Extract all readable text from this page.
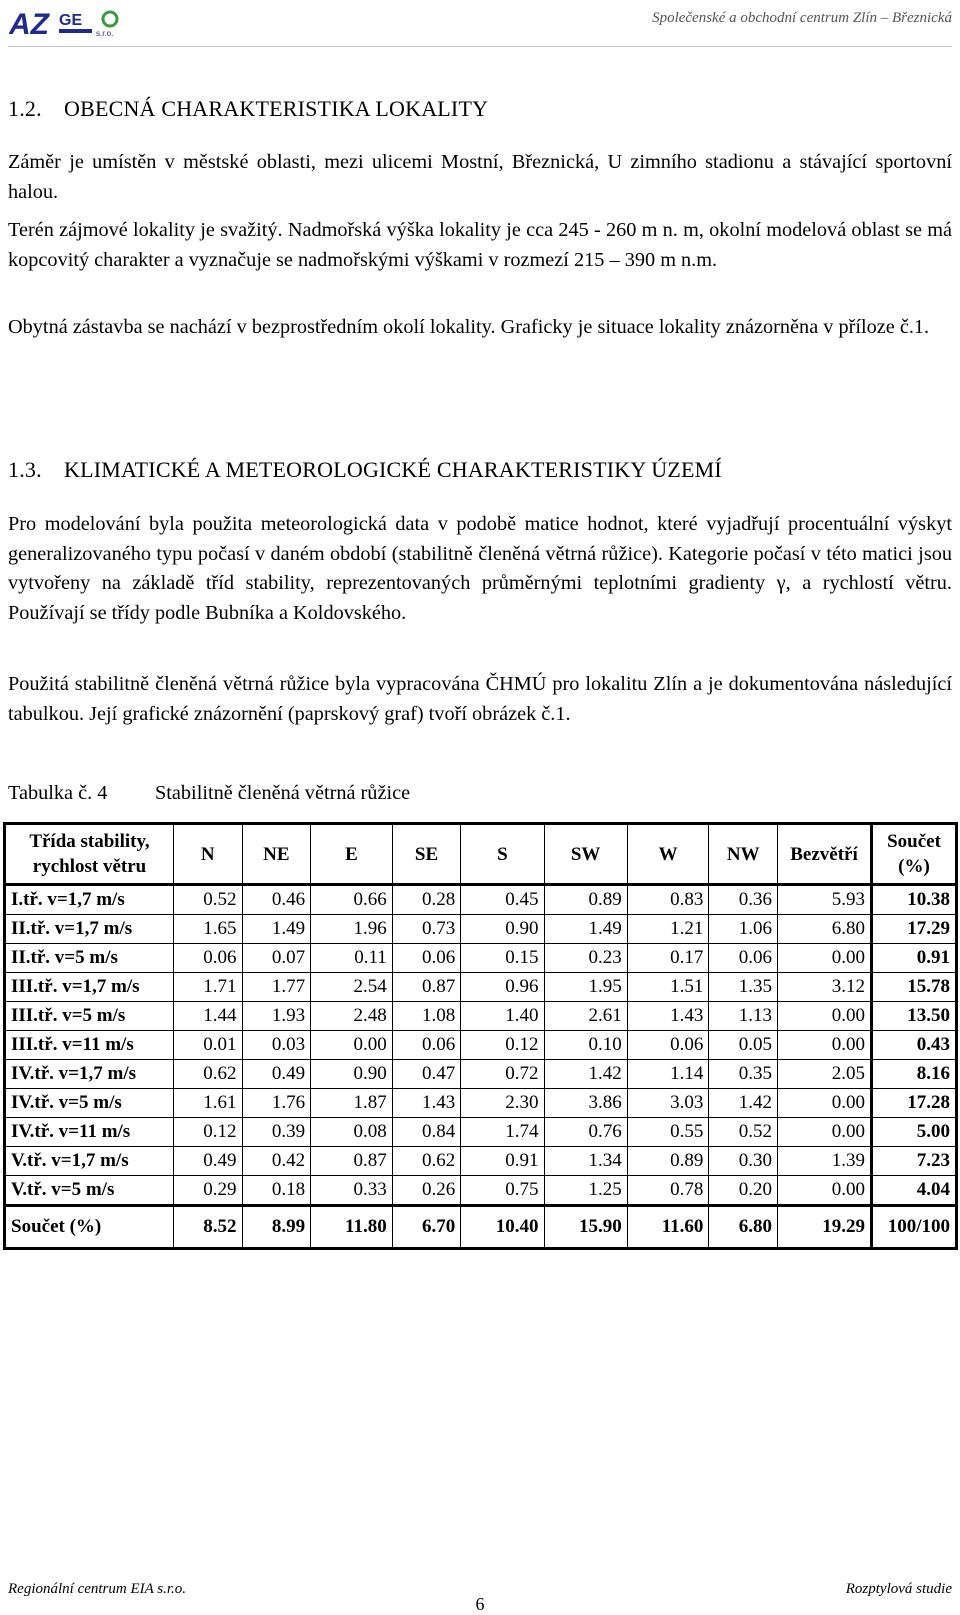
AZ GE
s.r.o.
Společenské a obchodní centrum Zlín – Březnická
1.2. OBECNÁ CHARAKTERISTIKA LOKALITY

Záměr je umístěn v městské oblasti, mezi ulicemi Mostní, Březnická, U zimního stadionu a stávající sportovní halou.

Terén zájmové lokality je svažitý. Nadmořská výška lokality je cca 245 - 260 m n. m, okolní modelová oblast se má kopcovitý charakter a vyznačuje se nadmořskými výškami v rozmezí 215 – 390 m n.m.

Obytná zástavba se nachází v bezprostředním okolí lokality. Graficky je situace lokality znázorněna v příloze č.1.

1.3. KLIMATICKÉ A METEOROLOGICKÉ CHARAKTERISTIKY ÚZEMÍ

Pro modelování byla použita meteorologická data v podobě matice hodnot, které vyjadřují procentuální výskyt generalizovaného typu počasí v daném období (stabilitně členěná větrná růžice). Kategorie počasí v této matici jsou vytvořeny na základě tříd stability, reprezentovaných průměrnými teplotními gradienty γ, a rychlostí větru. Používají se třídy podle Bubníka a Koldovského.

Použitá stabilitně členěná větrná růžice byla vypracována ČHMÚ pro lokalitu Zlín a je dokumentována následující tabulkou. Její grafické znázornění (paprskový graf) tvoří obrázek č.1.

Tabulka č. 4 Stabilitně členěná větrná růžice
Třída stability, rychlost větru	N	NE	E	SE	S	SW	W	NW	Bezvětří	Součet (%)
I.tř. v=1,7 m/s	0.52	0.46	0.66	0.28	0.45	0.89	0.83	0.36	5.93	10.38
II.tř. v=1,7 m/s	1.65	1.49	1.96	0.73	0.90	1.49	1.21	1.06	6.80	17.29
II.tř. v=5 m/s	0.06	0.07	0.11	0.06	0.15	0.23	0.17	0.06	0.00	0.91
III.tř. v=1,7 m/s	1.71	1.77	2.54	0.87	0.96	1.95	1.51	1.35	3.12	15.78
III.tř. v=5 m/s	1.44	1.93	2.48	1.08	1.40	2.61	1.43	1.13	0.00	13.50
III.tř. v=11 m/s	0.01	0.03	0.00	0.06	0.12	0.10	0.06	0.05	0.00	0.43
IV.tř. v=1,7 m/s	0.62	0.49	0.90	0.47	0.72	1.42	1.14	0.35	2.05	8.16
IV.tř. v=5 m/s	1.61	1.76	1.87	1.43	2.30	3.86	3.03	1.42	0.00	17.28
IV.tř. v=11 m/s	0.12	0.39	0.08	0.84	1.74	0.76	0.55	0.52	0.00	5.00
V.tř. v=1,7 m/s	0.49	0.42	0.87	0.62	0.91	1.34	0.89	0.30	1.39	7.23
V.tř. v=5 m/s	0.29	0.18	0.33	0.26	0.75	1.25	0.78	0.20	0.00	4.04
Součet (%)	8.52	8.99	11.80	6.70	10.40	15.90	11.60	6.80	19.29	100/100
Regionální centrum EIA s.r.o.
6
Rozptylová studie
